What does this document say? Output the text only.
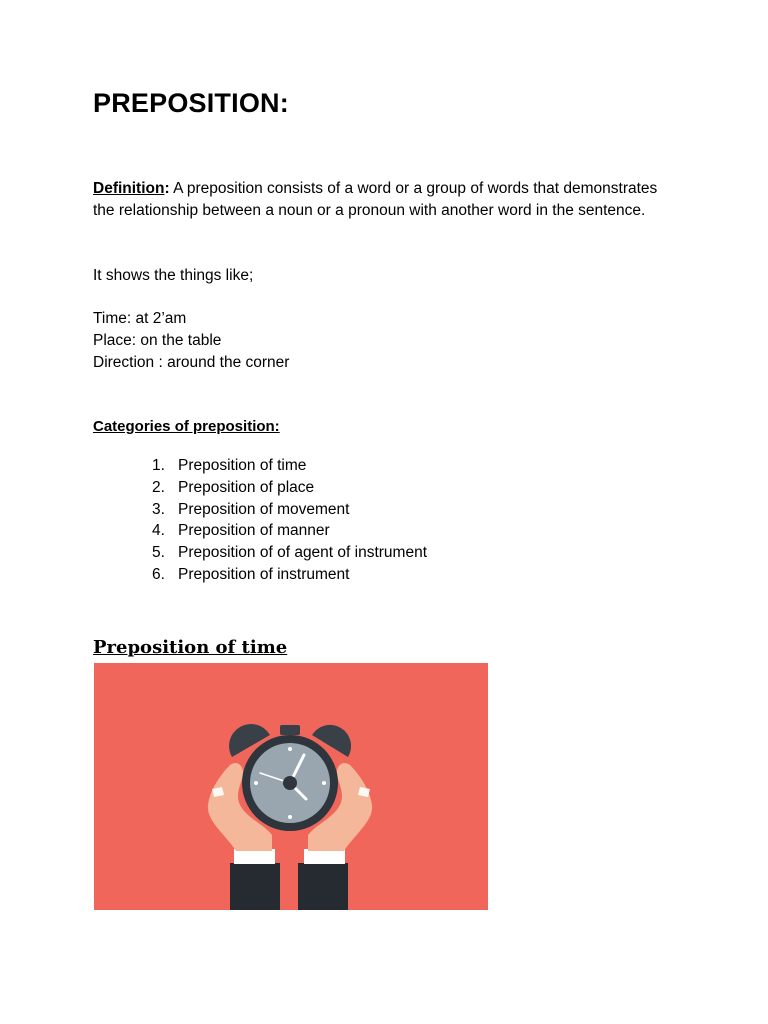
PREPOSITION:

Definition: A preposition consists of a word or a group of words that demonstrates the relationship between a noun or a pronoun with another word in the sentence.

It shows the things like;

Time: at 2’am
Place: on the table
Direction : around the corner

Categories of preposition:

1. Preposition of time
2. Preposition of place
3. Preposition of movement
4. Preposition of manner
5. Preposition of of agent of instrument
6. Preposition of instrument
Preposition of time
